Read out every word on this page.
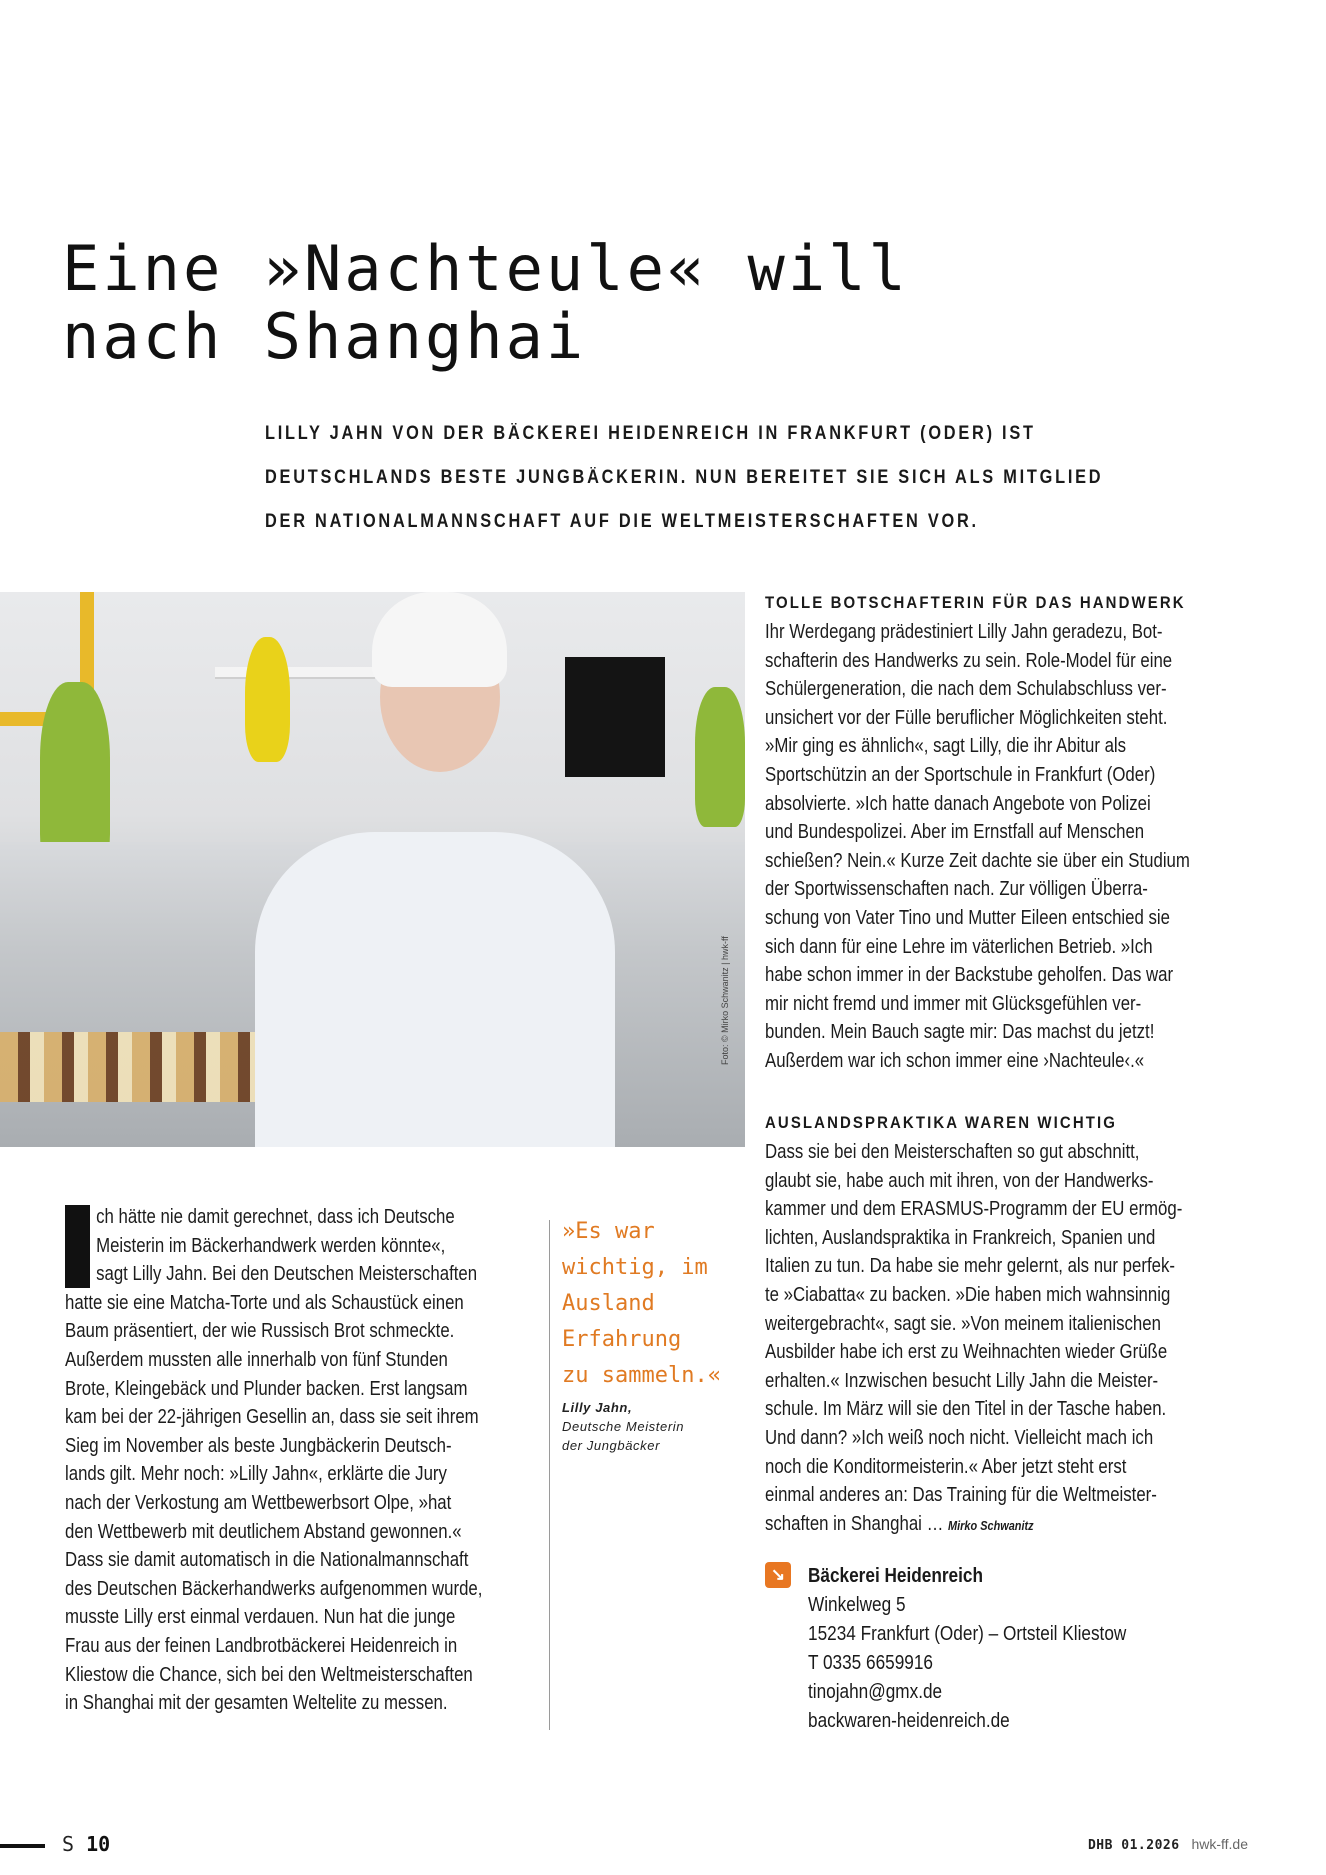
Eine »Nachteule« will
nach Shanghai
LILLY JAHN VON DER BÄCKEREI HEIDENREICH IN FRANKFURT (ODER) IST
DEUTSCHLANDS BESTE JUNGBÄCKERIN. NUN BEREITET SIE SICH ALS MITGLIED
DER NATIONALMANNSCHAFT AUF DIE WELTMEISTERSCHAFTEN VOR.
Foto: © Mirko Schwanitz | hwk-ff
TOLLE BOTSCHAFTERIN FÜR DAS HANDWERK
Ihr Werdegang prädestiniert Lilly Jahn geradezu, Bot-
schafterin des Handwerks zu sein. Role-Model für eine
Schülergeneration, die nach dem Schulabschluss ver-
unsichert vor der Fülle beruflicher Möglichkeiten steht.
»Mir ging es ähnlich«, sagt Lilly, die ihr Abitur als
Sportschützin an der Sportschule in Frankfurt (Oder)
absolvierte. »Ich hatte danach Angebote von Polizei
und Bundespolizei. Aber im Ernstfall auf Menschen
schießen? Nein.« Kurze Zeit dachte sie über ein Studium
der Sportwissenschaften nach. Zur völligen Überra-
schung von Vater Tino und Mutter Eileen entschied sie
sich dann für eine Lehre im väterlichen Betrieb. »Ich
habe schon immer in der Backstube geholfen. Das war
mir nicht fremd und immer mit Glücksgefühlen ver-
bunden. Mein Bauch sagte mir: Das machst du jetzt!
Außerdem war ich schon immer eine ›Nachteule‹.«
AUSLANDSPRAKTIKA WAREN WICHTIG
Dass sie bei den Meisterschaften so gut abschnitt,
glaubt sie, habe auch mit ihren, von der Handwerks-
kammer und dem ERASMUS-Programm der EU ermög-
lichten, Auslandspraktika in Frankreich, Spanien und
Italien zu tun. Da habe sie mehr gelernt, als nur perfek-
te »Ciabatta« zu backen. »Die haben mich wahnsinnig
weitergebracht«, sagt sie. »Von meinem italienischen
Ausbilder habe ich erst zu Weihnachten wieder Grüße
erhalten.« Inzwischen besucht Lilly Jahn die Meister-
schule. Im März will sie den Titel in der Tasche haben.
Und dann? »Ich weiß noch nicht. Vielleicht mach ich
noch die Konditormeisterin.« Aber jetzt steht erst
einmal anderes an: Das Training für die Weltmeister-
schaften in Shanghai … Mirko Schwanitz
↘ Bäckerei Heidenreich
Winkelweg 5
15234 Frankfurt (Oder) – Ortsteil Kliestow
T 0335 6659916
tinojahn@gmx.de
backwaren-heidenreich.de
ch hätte nie damit gerechnet, dass ich Deutsche
Meisterin im Bäckerhandwerk werden könnte«,
sagt Lilly Jahn. Bei den Deutschen Meisterschaften
hatte sie eine Matcha-Torte und als Schaustück einen
Baum präsentiert, der wie Russisch Brot schmeckte.
Außerdem mussten alle innerhalb von fünf Stunden
Brote, Kleingebäck und Plunder backen. Erst langsam
kam bei der 22-jährigen Gesellin an, dass sie seit ihrem
Sieg im November als beste Jungbäckerin Deutsch-
lands gilt. Mehr noch: »Lilly Jahn«, erklärte die Jury
nach der Verkostung am Wettbewerbsort Olpe, »hat
den Wettbewerb mit deutlichem Abstand gewonnen.«
Dass sie damit automatisch in die Nationalmannschaft
des Deutschen Bäckerhandwerks aufgenommen wurde,
musste Lilly erst einmal verdauen. Nun hat die junge
Frau aus der feinen Landbrotbäckerei Heidenreich in
Kliestow die Chance, sich bei den Weltmeisterschaften
in Shanghai mit der gesamten Weltelite zu messen.

»Es war
wichtig, im
Ausland
Erfahrung
zu sammeln.«

Lilly Jahn,
Deutsche Meisterin
der Jungbäcker
S 10	DHB 01.2026 hwk-ff.de
